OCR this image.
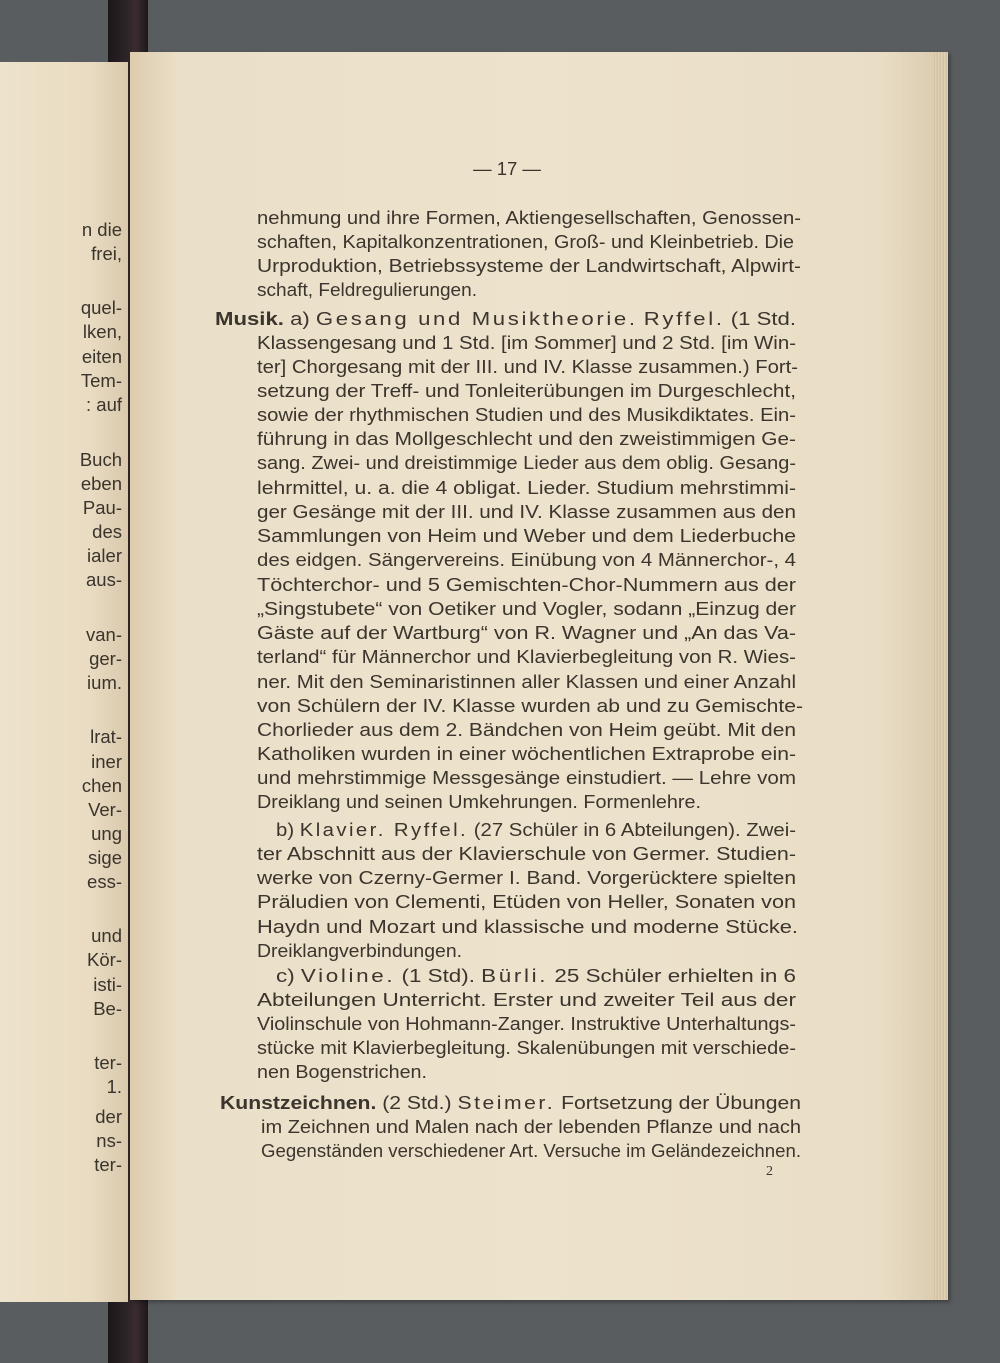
n die
frei,
quel-
lken,
eiten
Tem-
: auf
Buch
eben
Pau-
des
ialer
aus-
van-
ger-
ium.
lrat-
iner
chen
Ver-
ung
sige
ess-
und
Kör-
isti-
Be-
ter-
1.
der
ns-
ter-
— 17 —
nehmung und ihre Formen, Aktiengesellschaften, Genossen-
schaften, Kapitalkonzentrationen, Groß- und Kleinbetrieb. Die
Urproduktion, Betriebssysteme der Landwirtschaft, Alpwirt-
schaft, Feldregulierungen.
Musik. a) Gesang und Musiktheorie. Ryffel. (1 Std.
Klassengesang und 1 Std. [im Sommer] und 2 Std. [im Win-
ter] Chorgesang mit der III. und IV. Klasse zusammen.) Fort-
setzung der Treff- und Tonleiterübungen im Durgeschlecht,
sowie der rhythmischen Studien und des Musikdiktates. Ein-
führung in das Mollgeschlecht und den zweistimmigen Ge-
sang. Zwei- und dreistimmige Lieder aus dem oblig. Gesang-
lehrmittel, u. a. die 4 obligat. Lieder. Studium mehrstimmi-
ger Gesänge mit der III. und IV. Klasse zusammen aus den
Sammlungen von Heim und Weber und dem Liederbuche
des eidgen. Sängervereins. Einübung von 4 Männerchor-, 4
Töchterchor- und 5 Gemischten-Chor-Nummern aus der
„Singstubete“ von Oetiker und Vogler, sodann „Einzug der
Gäste auf der Wartburg“ von R. Wagner und „An das Va-
terland“ für Männerchor und Klavierbegleitung von R. Wies-
ner. Mit den Seminaristinnen aller Klassen und einer Anzahl
von Schülern der IV. Klasse wurden ab und zu Gemischte-
Chorlieder aus dem 2. Bändchen von Heim geübt. Mit den
Katholiken wurden in einer wöchentlichen Extraprobe ein-
und mehrstimmige Messgesänge einstudiert. — Lehre vom
Dreiklang und seinen Umkehrungen. Formenlehre.
b) Klavier. Ryffel. (27 Schüler in 6 Abteilungen). Zwei-
ter Abschnitt aus der Klavierschule von Germer. Studien-
werke von Czerny-Germer I. Band. Vorgerücktere spielten
Präludien von Clementi, Etüden von Heller, Sonaten von
Haydn und Mozart und klassische und moderne Stücke.
Dreiklangverbindungen.
c) Violine. (1 Std). Bürli. 25 Schüler erhielten in 6
Abteilungen Unterricht. Erster und zweiter Teil aus der
Violinschule von Hohmann-Zanger. Instruktive Unterhaltungs-
stücke mit Klavierbegleitung. Skalenübungen mit verschiede-
nen Bogenstrichen.
Kunstzeichnen. (2 Std.) Steimer. Fortsetzung der Übungen
im Zeichnen und Malen nach der lebenden Pflanze und nach
Gegenständen verschiedener Art. Versuche im Geländezeichnen.
2
